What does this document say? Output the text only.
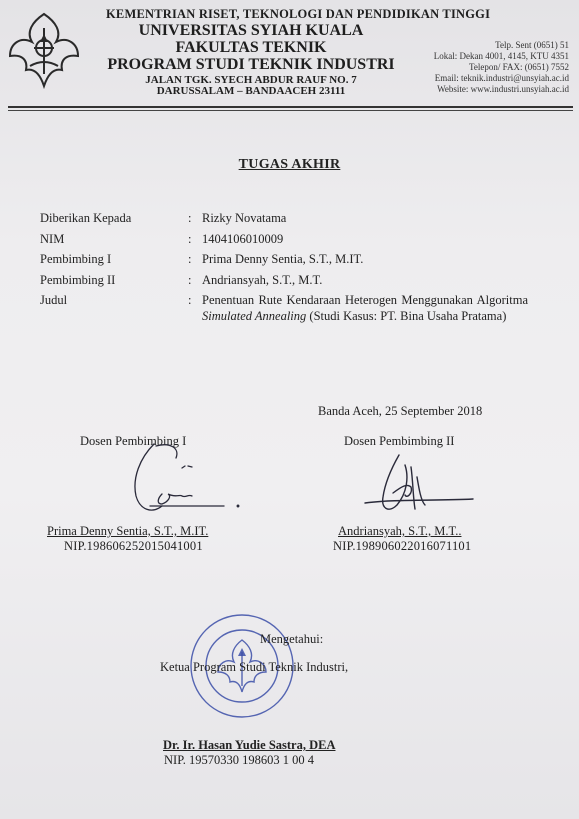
KEMENTRIAN RISET, TEKNOLOGI DAN PENDIDIKAN TINGGI
UNIVERSITAS SYIAH KUALA
FAKULTAS TEKNIK
PROGRAM STUDI TEKNIK INDUSTRI
JALAN TGK. SYECH ABDUR RAUF NO. 7
DARUSSALAM – BANDAACEH 23111
Telp. Sent (0651) 51
Lokal: Dekan 4001, 4145, KTU 4351
Telepon/ FAX: (0651) 7552
Email: teknik.industri@unsyiah.ac.id
Website: www.industri.unsyiah.ac.id
TUGAS AKHIR
Diberikan Kepada	: Rizky Novatama
NIM	: 1404106010009
Pembimbing I	: Prima Denny Sentia, S.T., M.IT.
Pembimbing II	: Andriansyah, S.T., M.T.
Judul	: Penentuan Rute Kendaraan Heterogen Menggunakan Algoritma Simulated Annealing (Studi Kasus: PT. Bina Usaha Pratama)
Banda Aceh, 25 September 2018
Dosen Pembimbing I	Dosen Pembimbing II
Prima Denny Sentia, S.T., M.IT.
NIP.198606252015041001
Andriansyah, S.T., M.T..
NIP.198906022016071101
Mengetahui:
Ketua Program Studi Teknik Industri,
Dr. Ir. Hasan Yudie Sastra, DEA
NIP. 19570330 198603 1 00 4
